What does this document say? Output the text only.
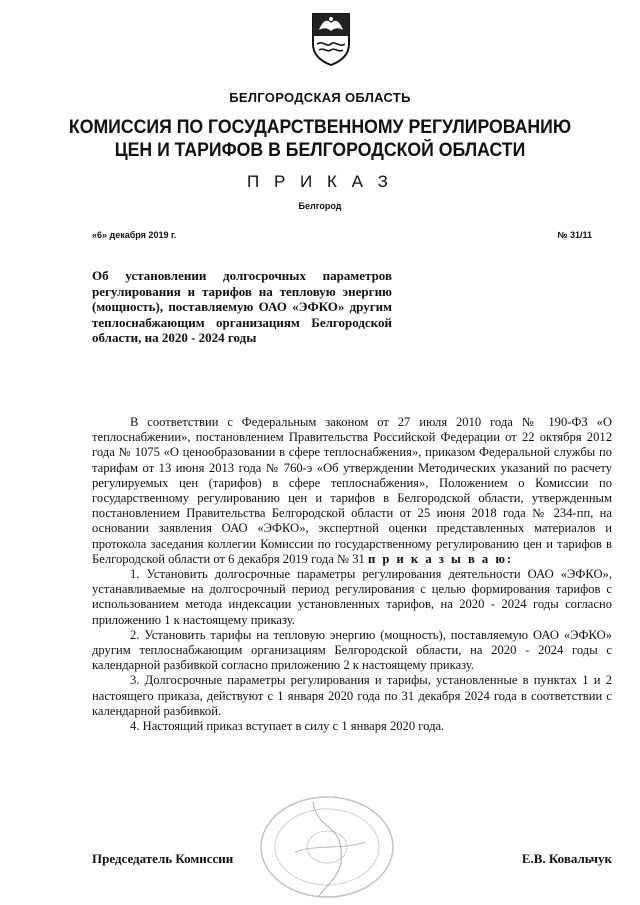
БЕЛГОРОДСКАЯ ОБЛАСТЬ
КОМИССИЯ ПО ГОСУДАРСТВЕННОМУ РЕГУЛИРОВАНИЮ
ЦЕН И ТАРИФОВ В БЕЛГОРОДСКОЙ ОБЛАСТИ
П Р И К А З
Белгород
«6» декабря 2019 г.	№ 31/11
Об установлении долгосрочных параметров регулирования и тарифов на тепловую энергию (мощность), поставляемую ОАО «ЭФКО» другим теплоснабжающим организациям Белгородской области, на 2020 - 2024 годы

В соответствии с Федеральным законом от 27 июля 2010 года № 190-ФЗ «О теплоснабжении», постановлением Правительства Российской Федерации от 22 октября 2012 года № 1075 «О ценообразовании в сфере теплоснабжения», приказом Федеральной службы по тарифам от 13 июня 2013 года № 760-э «Об утверждении Методических указаний по расчету регулируемых цен (тарифов) в сфере теплоснабжения», Положением о Комиссии по государственному регулированию цен и тарифов в Белгородской области, утвержденным постановлением Правительства Белгородской области от 25 июня 2018 года № 234-пп, на основании заявления ОАО «ЭФКО», экспертной оценки представленных материалов и протокола заседания коллегии Комиссии по государственному регулированию цен и тарифов в Белгородской области от 6 декабря 2019 года № 31 п р и к а з ы в а ю:

1. Установить долгосрочные параметры регулирования деятельности ОАО «ЭФКО», устанавливаемые на долгосрочный период регулирования с целью формирования тарифов с использованием метода индексации установленных тарифов, на 2020 - 2024 годы согласно приложению 1 к настоящему приказу.

2. Установить тарифы на тепловую энергию (мощность), поставляемую ОАО «ЭФКО» другим теплоснабжающим организациям Белгородской области, на 2020 - 2024 годы с календарной разбивкой согласно приложению 2 к настоящему приказу.

3. Долгосрочные параметры регулирования и тарифы, установленные в пунктах 1 и 2 настоящего приказа, действуют с 1 января 2020 года по 31 декабря 2024 года в соответствии с календарной разбивкой.

4. Настоящий приказ вступает в силу с 1 января 2020 года.

Председатель Комиссии	Е.В. Ковальчук
